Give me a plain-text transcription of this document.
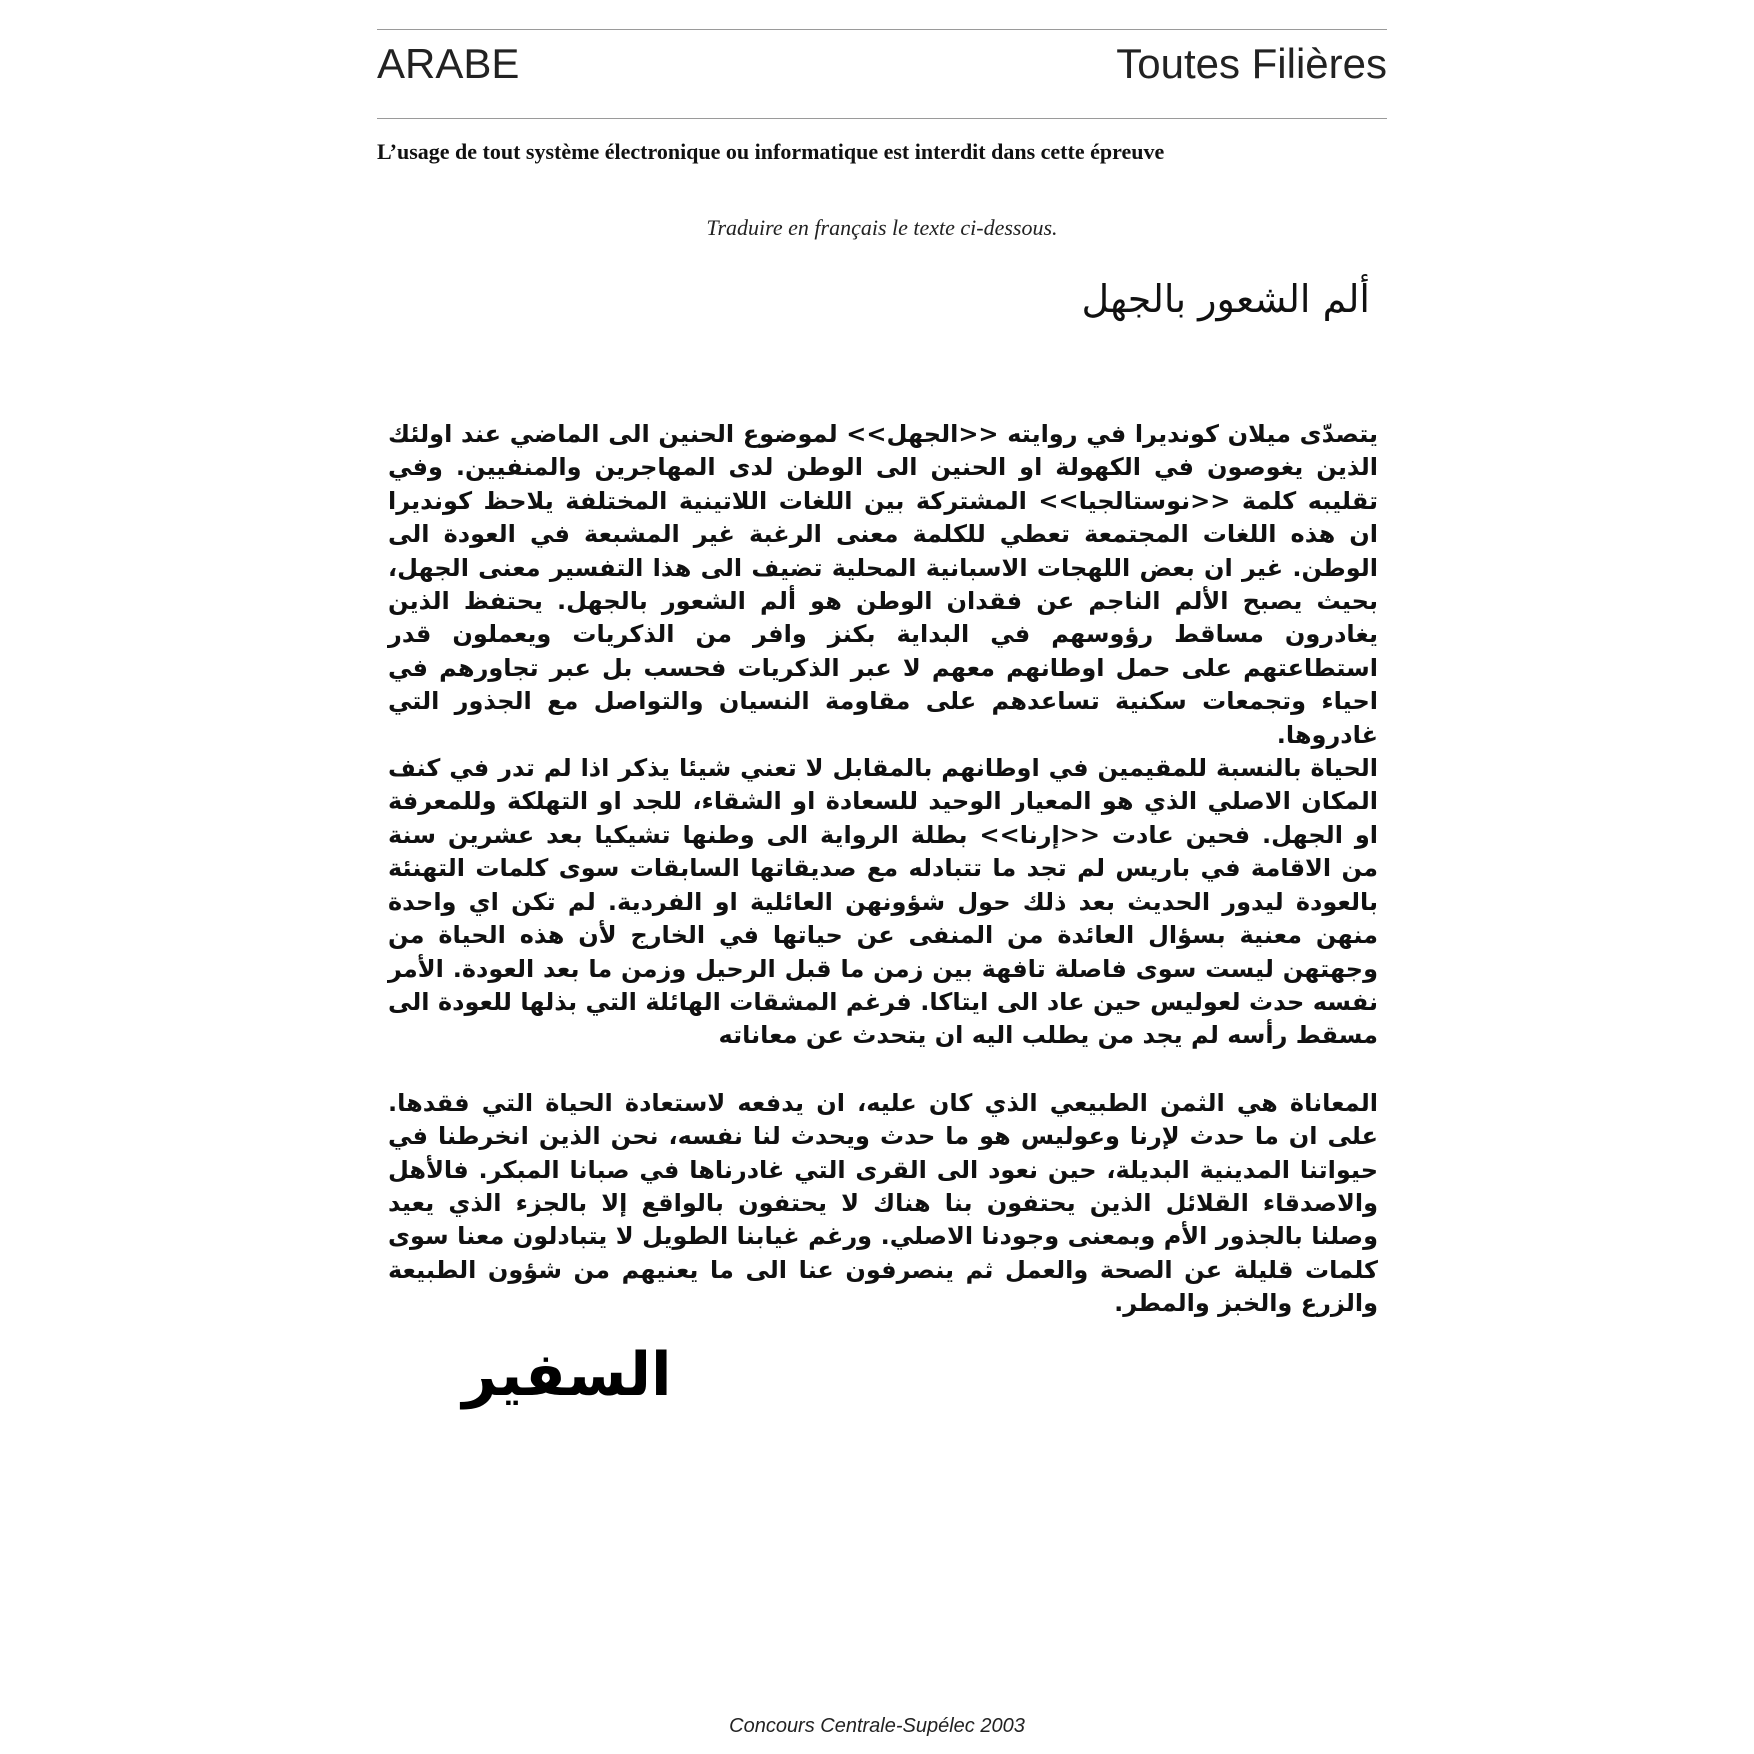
ARABE	Toutes Filières
L’usage de tout système électronique ou informatique est interdit dans cette épreuve
Traduire en français le texte ci-dessous.
ألم الشعور بالجهل

يتصدّى ميلان كونديرا في روايته <<الجهل>> لموضوع الحنين الى الماضي عند اولئك الذين يغوصون في الكهولة او الحنين الى الوطن لدى المهاجرين والمنفيين. وفي تقليبه كلمة <<نوستالجيا>> المشتركة بين اللغات اللاتينية المختلفة يلاحظ كونديرا ان هذه اللغات المجتمعة تعطي للكلمة معنى الرغبة غير المشبعة في العودة الى الوطن. غير ان بعض اللهجات الاسبانية المحلية تضيف الى هذا التفسير معنى الجهل، بحيث يصبح الألم الناجم عن فقدان الوطن هو ألم الشعور بالجهل. يحتفظ الذين يغادرون مساقط رؤوسهم في البداية بكنز وافر من الذكريات ويعملون قدر استطاعتهم على حمل اوطانهم معهم لا عبر الذكريات فحسب بل عبر تجاورهم في احياء وتجمعات سكنية تساعدهم على مقاومة النسيان والتواصل مع الجذور التي غادروها.

الحياة بالنسبة للمقيمين في اوطانهم بالمقابل لا تعني شيئا يذكر اذا لم تدر في كنف المكان الاصلي الذي هو المعيار الوحيد للسعادة او الشقاء، للجد او التهلكة وللمعرفة او الجهل. فحين عادت <<إرنا>> بطلة الرواية الى وطنها تشيكيا بعد عشرين سنة من الاقامة في باريس لم تجد ما تتبادله مع صديقاتها السابقات سوى كلمات التهنئة بالعودة ليدور الحديث بعد ذلك حول شؤونهن العائلية او الفردية. لم تكن اي واحدة منهن معنية بسؤال العائدة من المنفى عن حياتها في الخارج لأن هذه الحياة من وجهتهن ليست سوى فاصلة تافهة بين زمن ما قبل الرحيل وزمن ما بعد العودة. الأمر نفسه حدث لعوليس حين عاد الى ايتاكا. فرغم المشقات الهائلة التي بذلها للعودة الى مسقط رأسه لم يجد من يطلب اليه ان يتحدث عن معاناته

المعاناة هي الثمن الطبيعي الذي كان عليه، ان يدفعه لاستعادة الحياة التي فقدها. على ان ما حدث لإرنا وعوليس هو ما حدث ويحدث لنا نفسه، نحن الذين انخرطنا في حيواتنا المدينية البديلة، حين نعود الى القرى التي غادرناها في صبانا المبكر. فالأهل والاصدقاء القلائل الذين يحتفون بنا هناك لا يحتفون بالواقع إلا بالجزء الذي يعيد وصلنا بالجذور الأم وبمعنى وجودنا الاصلي. ورغم غيابنا الطويل لا يتبادلون معنا سوى كلمات قليلة عن الصحة والعمل ثم ينصرفون عنا الى ما يعنيهم من شؤون الطبيعة والزرع والخبز والمطر.

السفير
Concours Centrale-Supélec 2003
